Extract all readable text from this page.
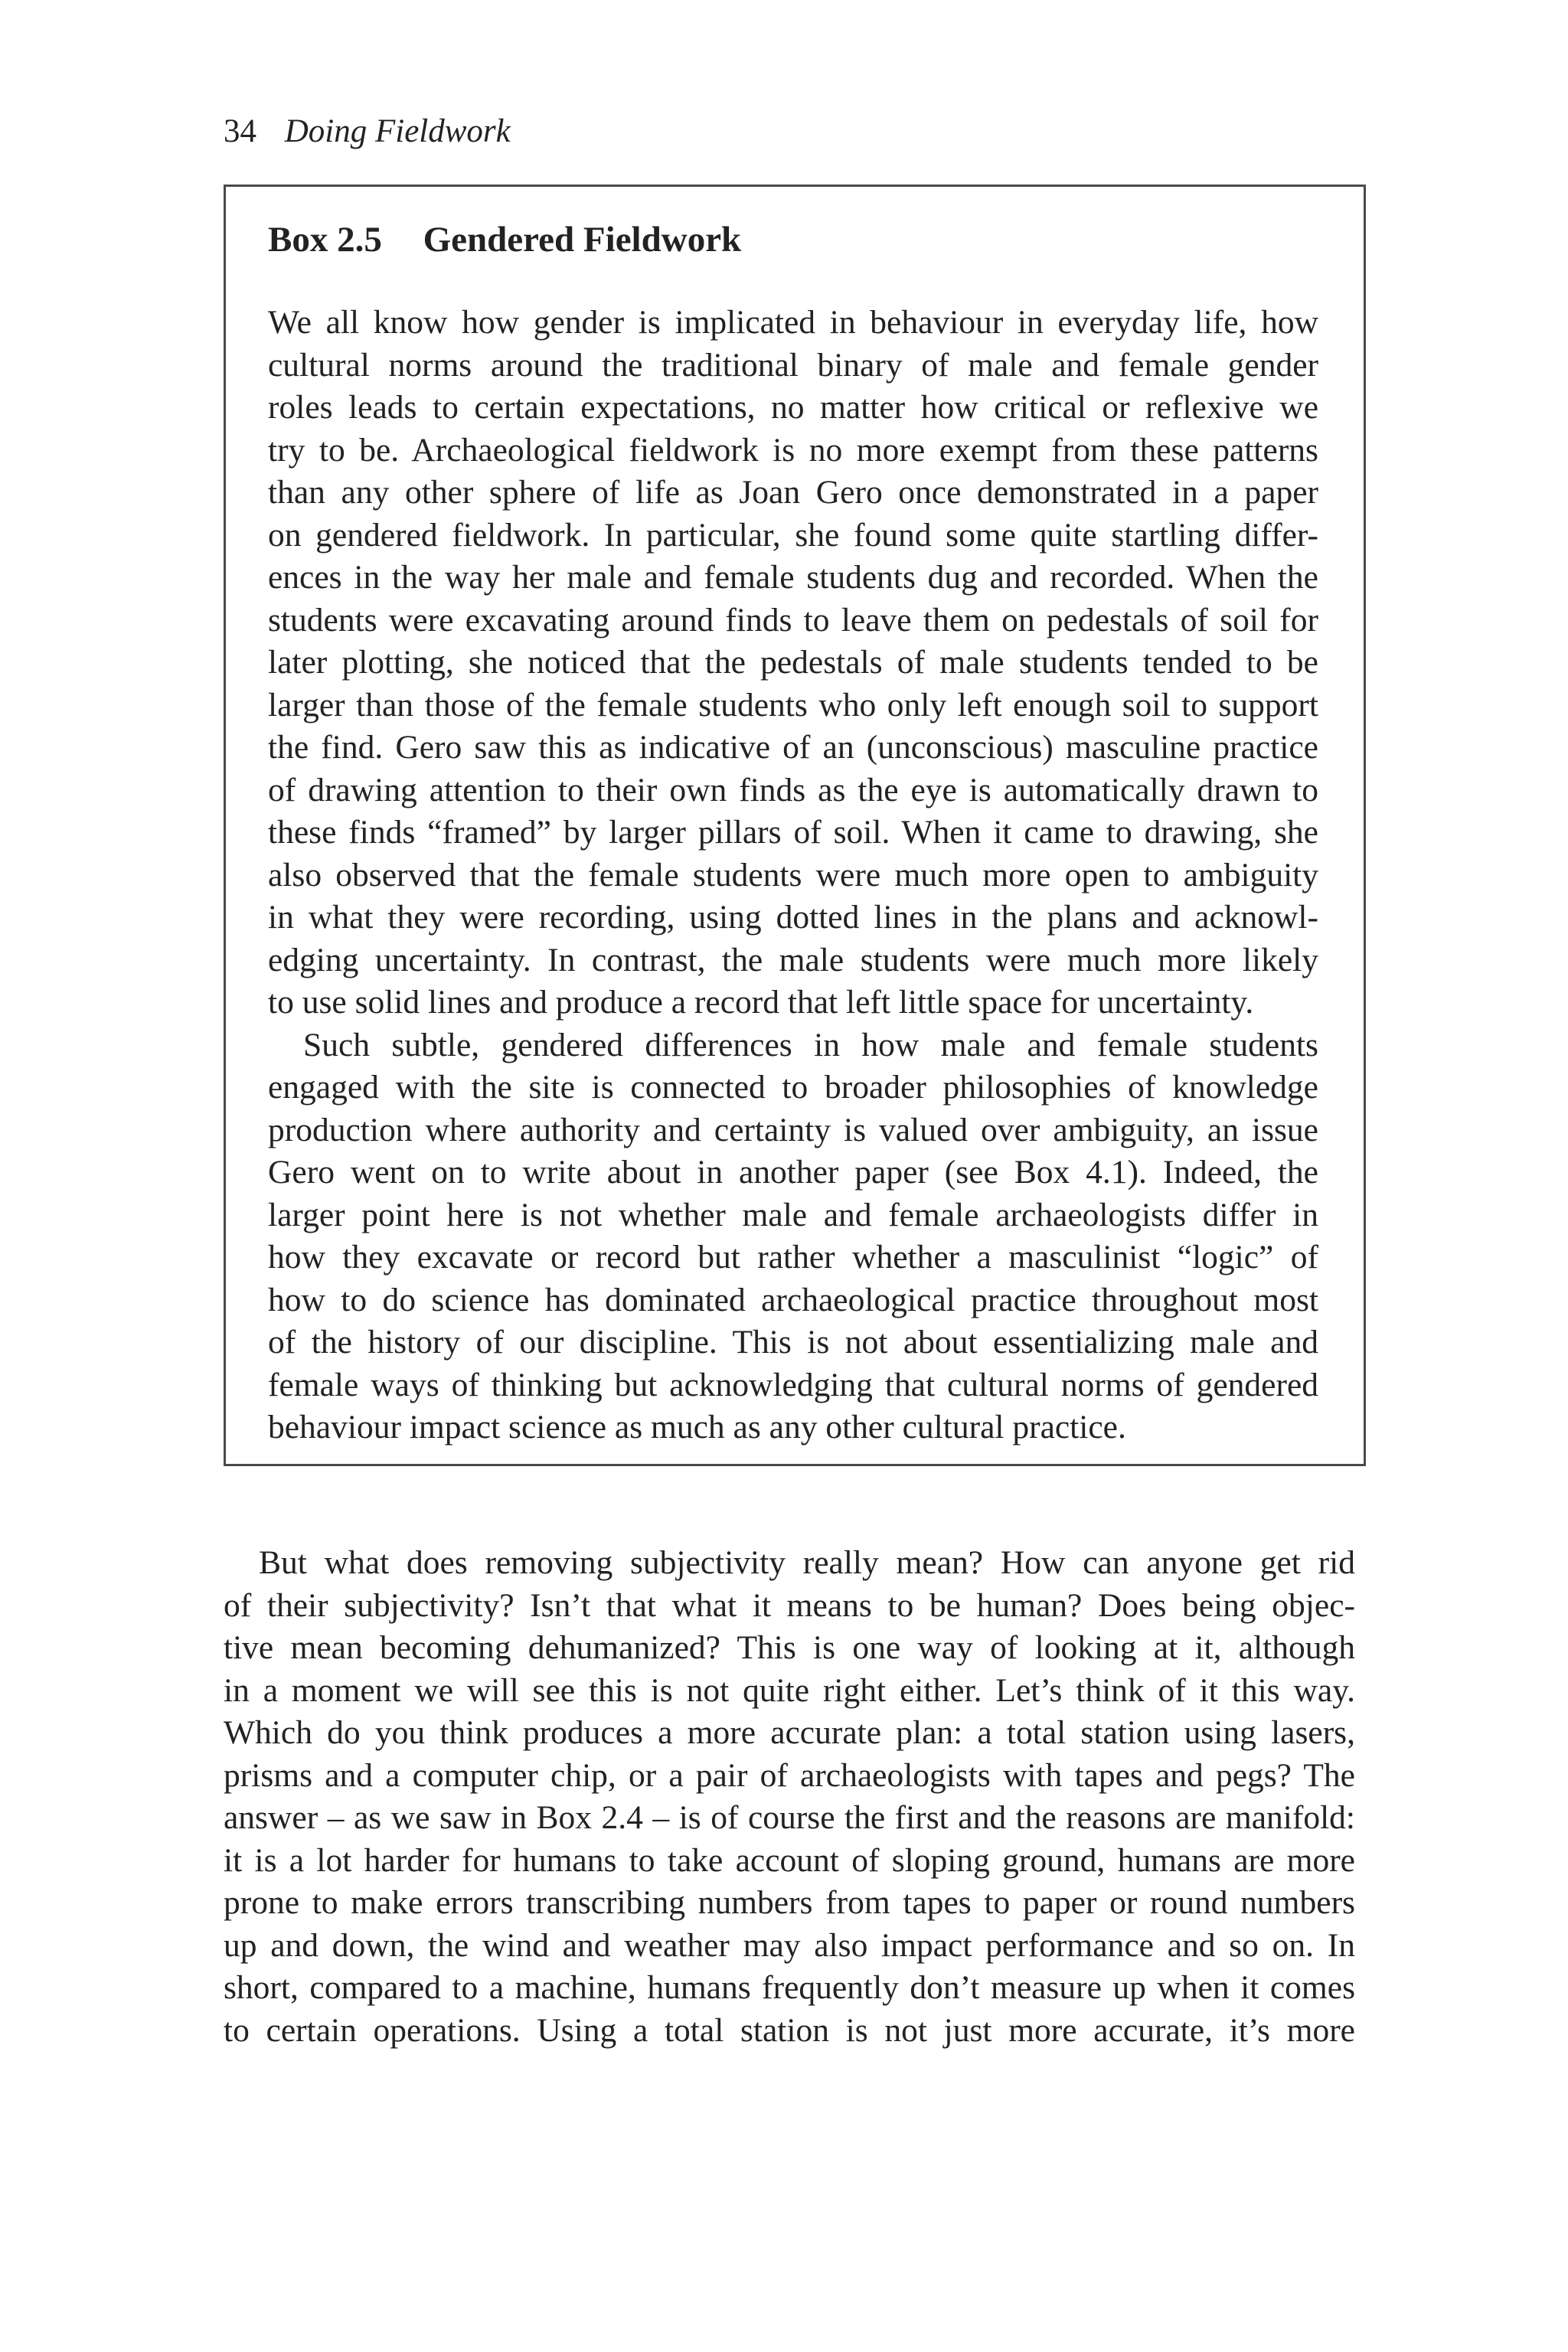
34 Doing Fieldwork
Box 2.5 Gendered Fieldwork
We all know how gender is implicated in behaviour in everyday life, how
cultural norms around the traditional binary of male and female gender
roles leads to certain expectations, no matter how critical or reflexive we
try to be. Archaeological fieldwork is no more exempt from these patterns
than any other sphere of life as Joan Gero once demonstrated in a paper
on gendered fieldwork. In particular, she found some quite startling differ-
ences in the way her male and female students dug and recorded. When the
students were excavating around finds to leave them on pedestals of soil for
later plotting, she noticed that the pedestals of male students tended to be
larger than those of the female students who only left enough soil to support
the find. Gero saw this as indicative of an (unconscious) masculine practice
of drawing attention to their own finds as the eye is automatically drawn to
these finds “framed” by larger pillars of soil. When it came to drawing, she
also observed that the female students were much more open to ambiguity
in what they were recording, using dotted lines in the plans and acknowl-
edging uncertainty. In contrast, the male students were much more likely
to use solid lines and produce a record that left little space for uncertainty.
Such subtle, gendered differences in how male and female students
engaged with the site is connected to broader philosophies of knowledge
production where authority and certainty is valued over ambiguity, an issue
Gero went on to write about in another paper (see Box 4.1). Indeed, the
larger point here is not whether male and female archaeologists differ in
how they excavate or record but rather whether a masculinist “logic” of
how to do science has dominated archaeological practice throughout most
of the history of our discipline. This is not about essentializing male and
female ways of thinking but acknowledging that cultural norms of gendered
behaviour impact science as much as any other cultural practice.
But what does removing subjectivity really mean? How can anyone get rid
of their subjectivity? Isn’t that what it means to be human? Does being objec-
tive mean becoming dehumanized? This is one way of looking at it, although
in a moment we will see this is not quite right either. Let’s think of it this way.
Which do you think produces a more accurate plan: a total station using lasers,
prisms and a computer chip, or a pair of archaeologists with tapes and pegs? The
answer – as we saw in Box 2.4 – is of course the first and the reasons are manifold:
it is a lot harder for humans to take account of sloping ground, humans are more
prone to make errors transcribing numbers from tapes to paper or round numbers
up and down, the wind and weather may also impact performance and so on. In
short, compared to a machine, humans frequently don’t measure up when it comes
to certain operations. Using a total station is not just more accurate, it’s more
